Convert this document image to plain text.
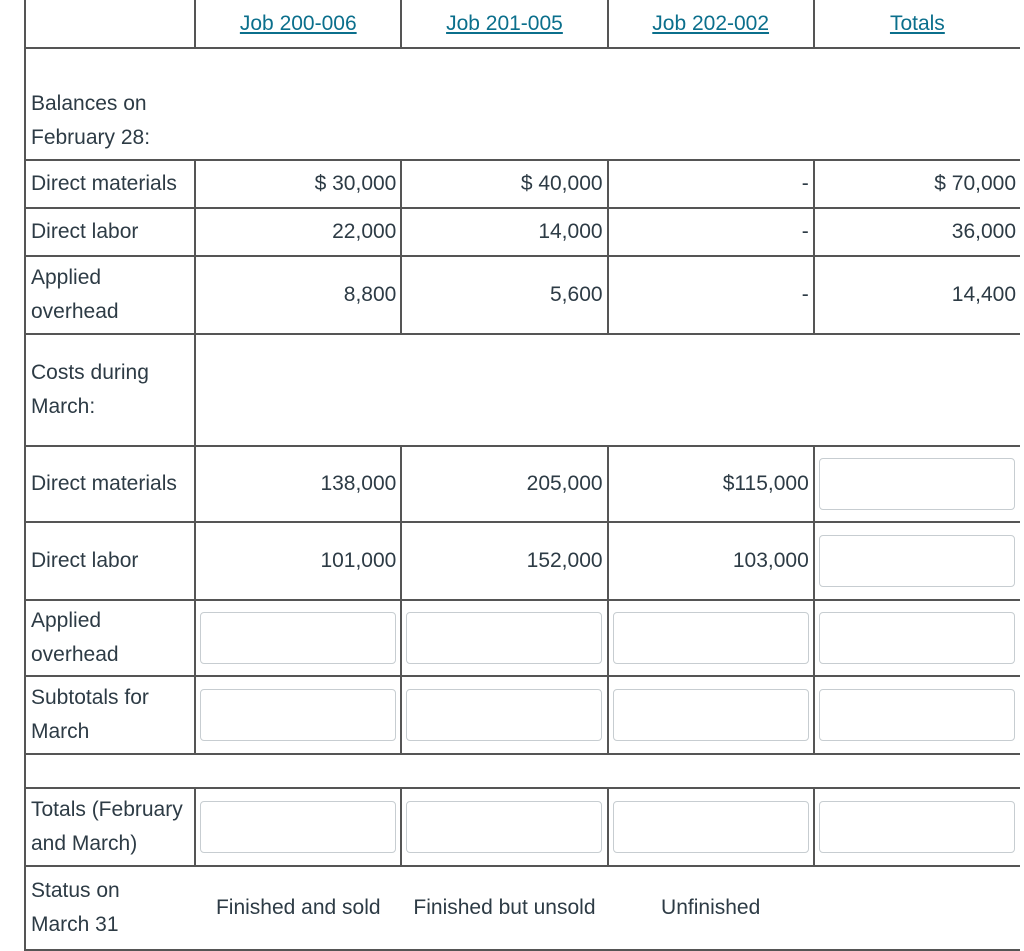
	Job 200-006	Job 201-005	Job 202-002	Totals

Balances on
February 28:				

Direct materials	$ 30,000	$ 40,000	-	$ 70,000
Direct labor	22,000	14,000	-	36,000

Applied
overhead	8,800	5,600	-	14,400

Costs during
March:				

Direct materials	138,000	205,000	$115,000	

Direct labor	101,000	152,000	103,000	

Applied
overhead

Subtotals for
March

Totals (February
and March)

Status on
March 31	Finished and sold	Finished but unsold	Unfinished	
